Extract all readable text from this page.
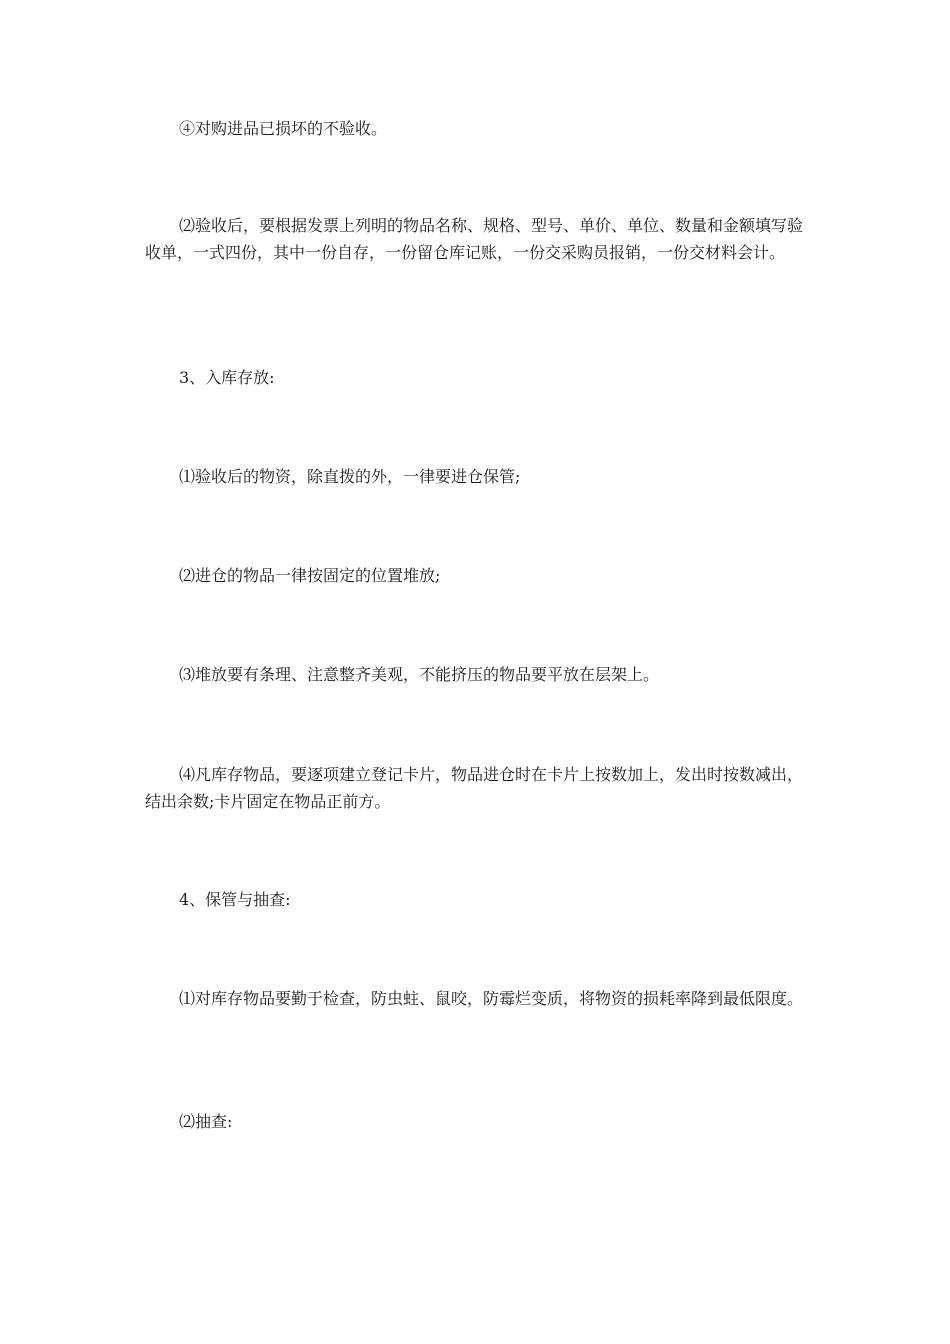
④对购进品已损坏的不验收。

⑵验收后，要根据发票上列明的物品名称、规格、型号、单价、单位、数量和金额填写验收单，一式四份，其中一份自存，一份留仓库记账，一份交采购员报销，一份交材料会计。

3、入库存放:

⑴验收后的物资，除直拨的外，一律要进仓保管;

⑵进仓的物品一律按固定的位置堆放;

⑶堆放要有条理、注意整齐美观，不能挤压的物品要平放在层架上。

⑷凡库存物品，要逐项建立登记卡片，物品进仓时在卡片上按数加上，发出时按数减出，结出余数;卡片固定在物品正前方。

4、保管与抽查:

⑴对库存物品要勤于检查，防虫蛀、鼠咬，防霉烂变质，将物资的损耗率降到最低限度。

⑵抽查:
